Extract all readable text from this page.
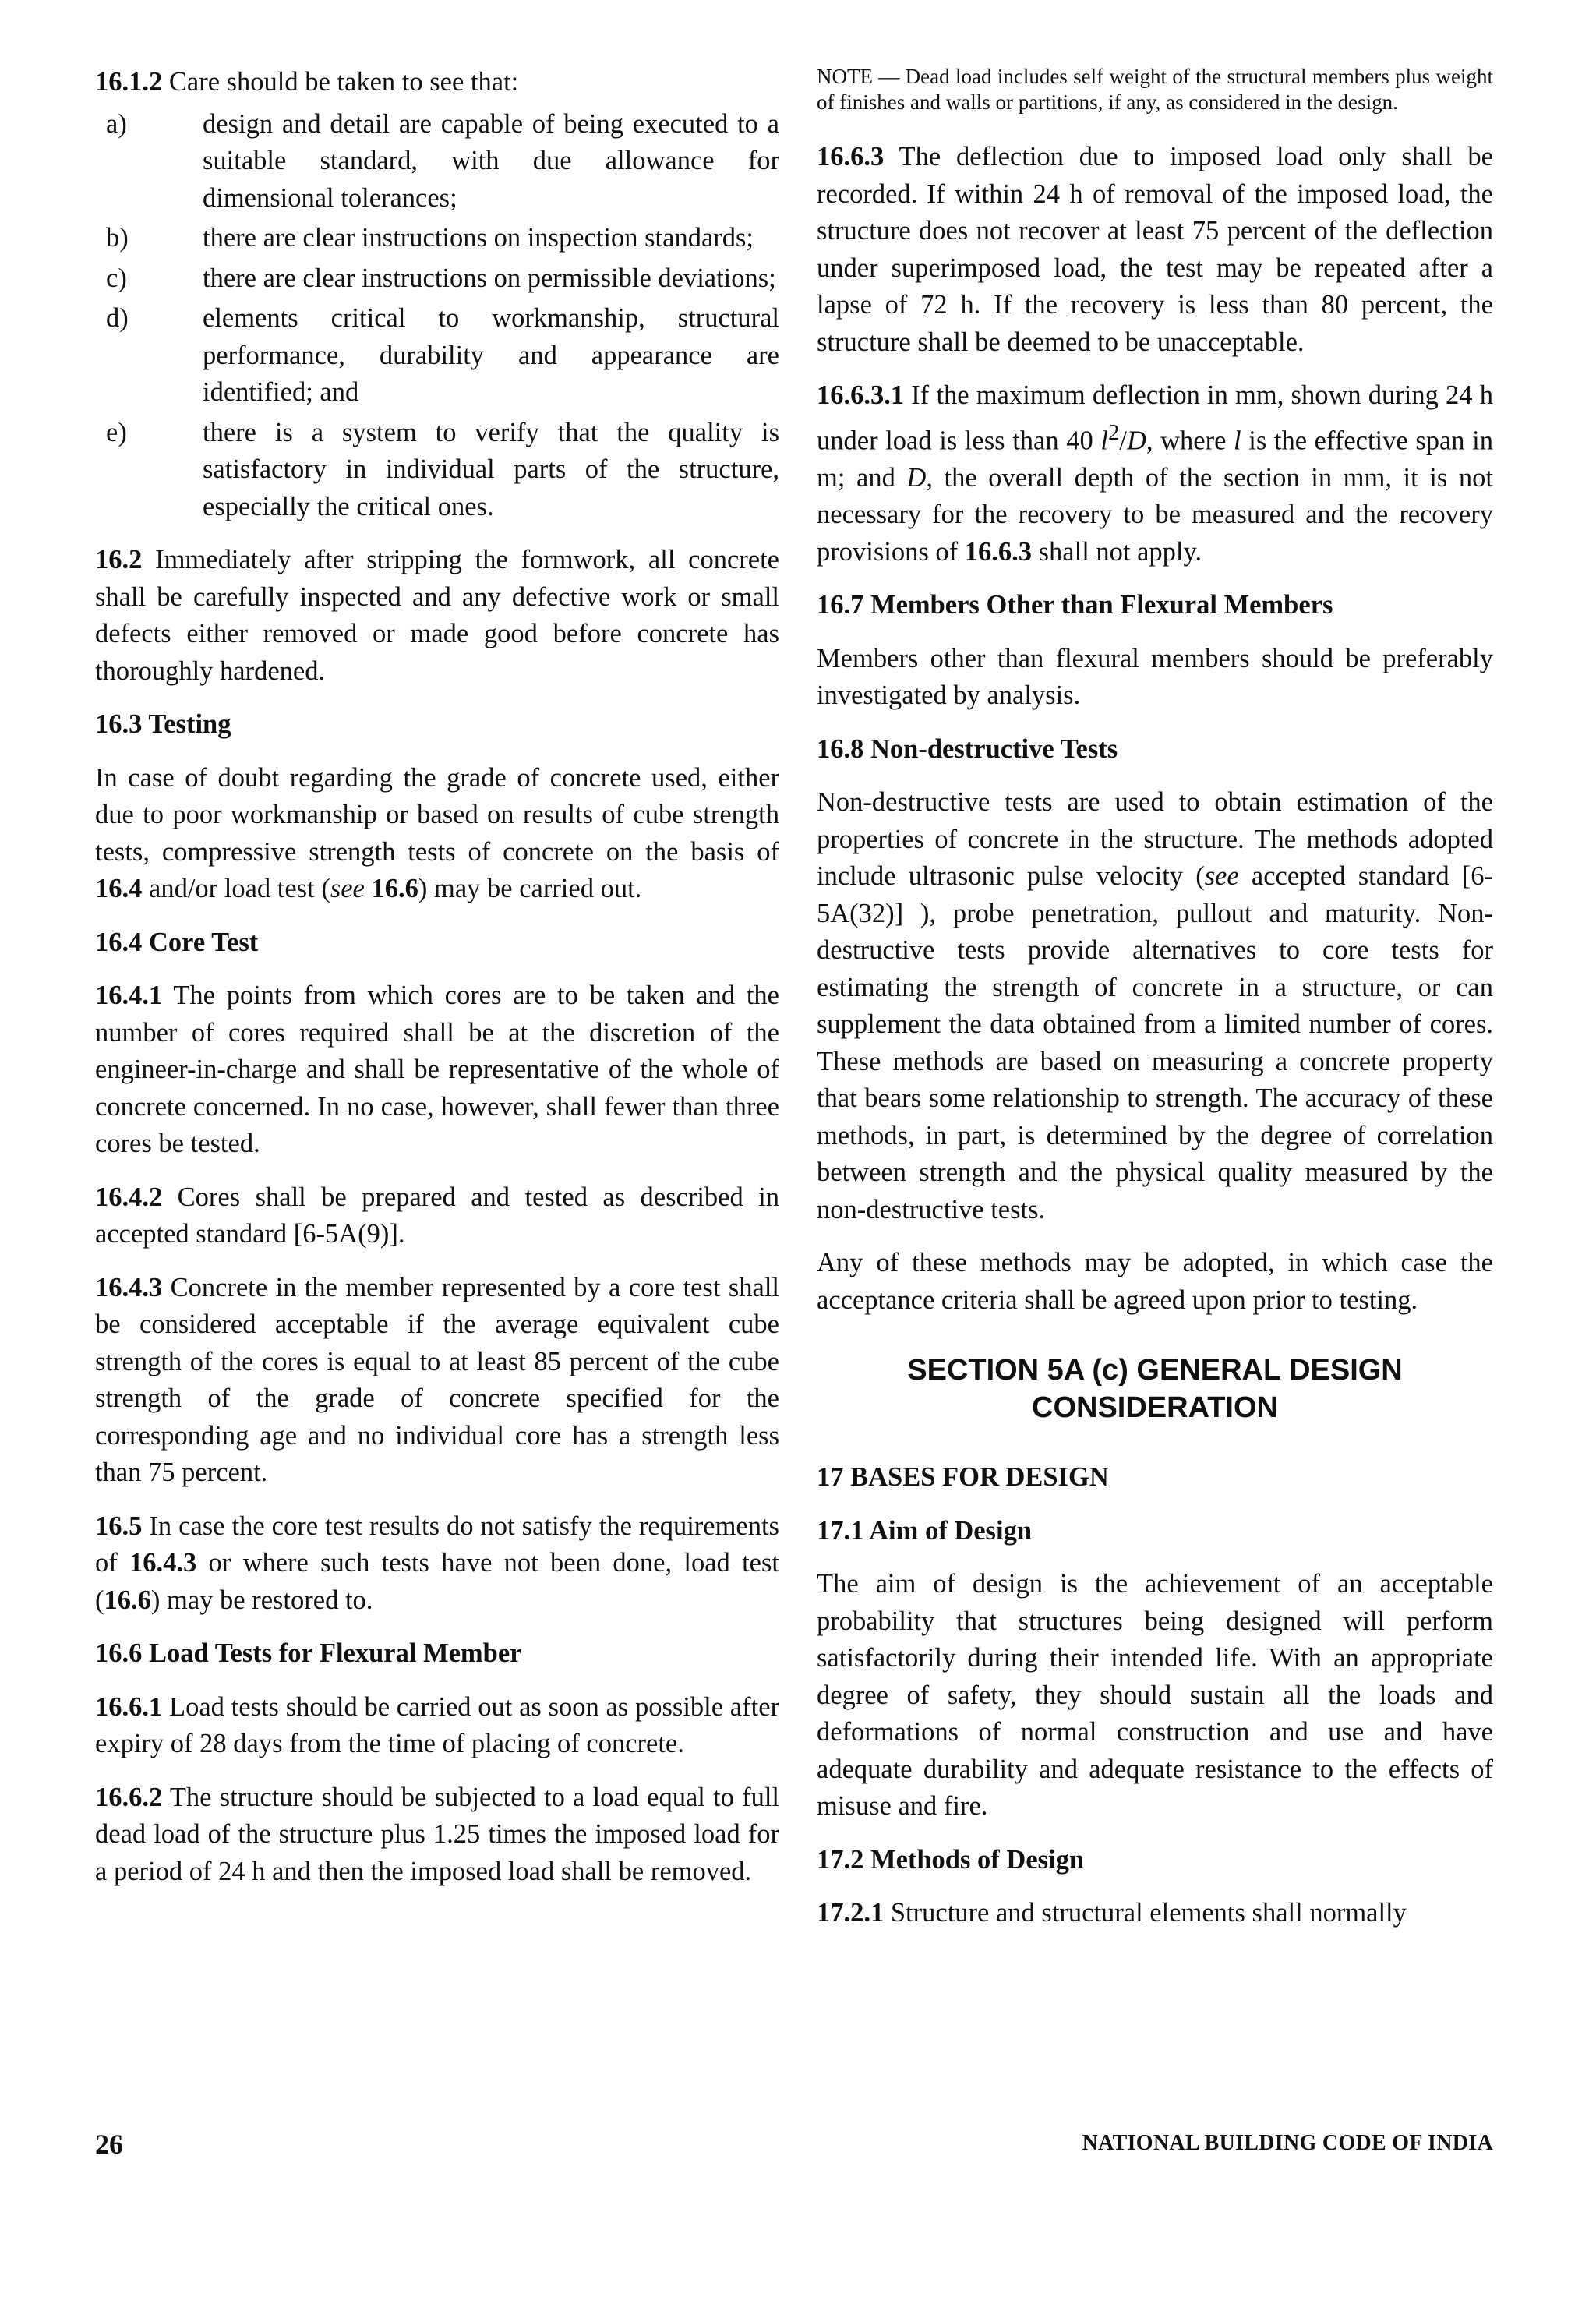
16.1.2 Care should be taken to see that:

a)	design and detail are capable of being executed to a suitable standard, with due allowance for dimensional tolerances;
b)	there are clear instructions on inspection standards;
c)	there are clear instructions on permissible deviations;
d)	elements critical to workmanship, structural performance, durability and appearance are identified; and
e)	there is a system to verify that the quality is satisfactory in individual parts of the structure, especially the critical ones.

16.2 Immediately after stripping the formwork, all concrete shall be carefully inspected and any defective work or small defects either removed or made good before concrete has thoroughly hardened.

16.3 Testing

In case of doubt regarding the grade of concrete used, either due to poor workmanship or based on results of cube strength tests, compressive strength tests of concrete on the basis of 16.4 and/or load test (see 16.6) may be carried out.

16.4 Core Test

16.4.1 The points from which cores are to be taken and the number of cores required shall be at the discretion of the engineer-in-charge and shall be representative of the whole of concrete concerned. In no case, however, shall fewer than three cores be tested.

16.4.2 Cores shall be prepared and tested as described in accepted standard [6-5A(9)].

16.4.3 Concrete in the member represented by a core test shall be considered acceptable if the average equivalent cube strength of the cores is equal to at least 85 percent of the cube strength of the grade of concrete specified for the corresponding age and no individual core has a strength less than 75 percent.

16.5 In case the core test results do not satisfy the requirements of 16.4.3 or where such tests have not been done, load test (16.6) may be restored to.

16.6 Load Tests for Flexural Member

16.6.1 Load tests should be carried out as soon as possible after expiry of 28 days from the time of placing of concrete.

16.6.2 The structure should be subjected to a load equal to full dead load of the structure plus 1.25 times the imposed load for a period of 24 h and then the imposed load shall be removed.

NOTE — Dead load includes self weight of the structural members plus weight of finishes and walls or partitions, if any, as considered in the design.

16.6.3 The deflection due to imposed load only shall be recorded. If within 24 h of removal of the imposed load, the structure does not recover at least 75 percent of the deflection under superimposed load, the test may be repeated after a lapse of 72 h. If the recovery is less than 80 percent, the structure shall be deemed to be unacceptable.

16.6.3.1 If the maximum deflection in mm, shown during 24 h under load is less than 40 $l^2/D$, where l is the effective span in m; and D, the overall depth of the section in mm, it is not necessary for the recovery to be measured and the recovery provisions of 16.6.3 shall not apply.

16.7 Members Other than Flexural Members

Members other than flexural members should be preferably investigated by analysis.

16.8 Non-destructive Tests

Non-destructive tests are used to obtain estimation of the properties of concrete in the structure. The methods adopted include ultrasonic pulse velocity (see accepted standard [6-5A(32)] ), probe penetration, pullout and maturity. Non-destructive tests provide alternatives to core tests for estimating the strength of concrete in a structure, or can supplement the data obtained from a limited number of cores. These methods are based on measuring a concrete property that bears some relationship to strength. The accuracy of these methods, in part, is determined by the degree of correlation between strength and the physical quality measured by the non-destructive tests.

Any of these methods may be adopted, in which case the acceptance criteria shall be agreed upon prior to testing.

SECTION 5A (c) GENERAL DESIGN
CONSIDERATION

17 BASES FOR DESIGN

17.1 Aim of Design

The aim of design is the achievement of an acceptable probability that structures being designed will perform satisfactorily during their intended life. With an appropriate degree of safety, they should sustain all the loads and deformations of normal construction and use and have adequate durability and adequate resistance to the effects of misuse and fire.

17.2 Methods of Design

17.2.1 Structure and structural elements shall normally

26	NATIONAL BUILDING CODE OF INDIA
